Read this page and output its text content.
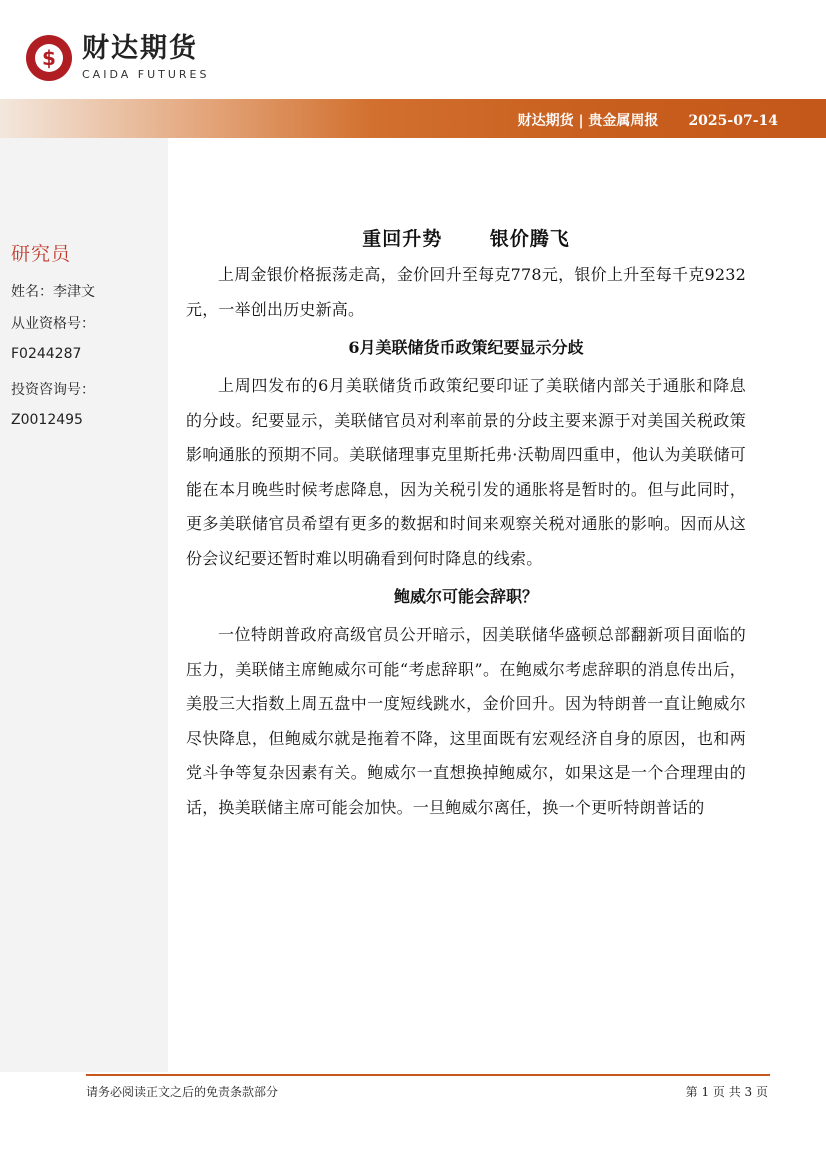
$ 财达期货
CAIDA FUTURES
财达期货 | 贵金属周报 2025-07-14
研究员
姓名：李津文
从业资格号：
F0244287
投资咨询号：
Z0012495
重回升势 银价腾飞

上周金银价格振荡走高，金价回升至每克778元，银价上升至每千克9232元，一举创出历史新高。

6月美联储货币政策纪要显示分歧

上周四发布的6月美联储货币政策纪要印证了美联储内部关于通胀和降息的分歧。纪要显示，美联储官员对利率前景的分歧主要来源于对美国关税政策影响通胀的预期不同。美联储理事克里斯托弗·沃勒周四重申，他认为美联储可能在本月晚些时候考虑降息，因为关税引发的通胀将是暂时的。但与此同时，更多美联储官员希望有更多的数据和时间来观察关税对通胀的影响。因而从这份会议纪要还暂时难以明确看到何时降息的线索。

鲍威尔可能会辞职？

一位特朗普政府高级官员公开暗示，因美联储华盛顿总部翻新项目面临的压力，美联储主席鲍威尔可能“考虑辞职”。在鲍威尔考虑辞职的消息传出后，美股三大指数上周五盘中一度短线跳水，金价回升。因为特朗普一直让鲍威尔尽快降息，但鲍威尔就是拖着不降，这里面既有宏观经济自身的原因，也和两党斗争等复杂因素有关。鲍威尔一直想换掉鲍威尔，如果这是一个合理理由的话，换美联储主席可能会加快。一旦鲍威尔离任，换一个更听特朗普话的

请务必阅读正文之后的免责条款部分	第 1 页 共 3 页
